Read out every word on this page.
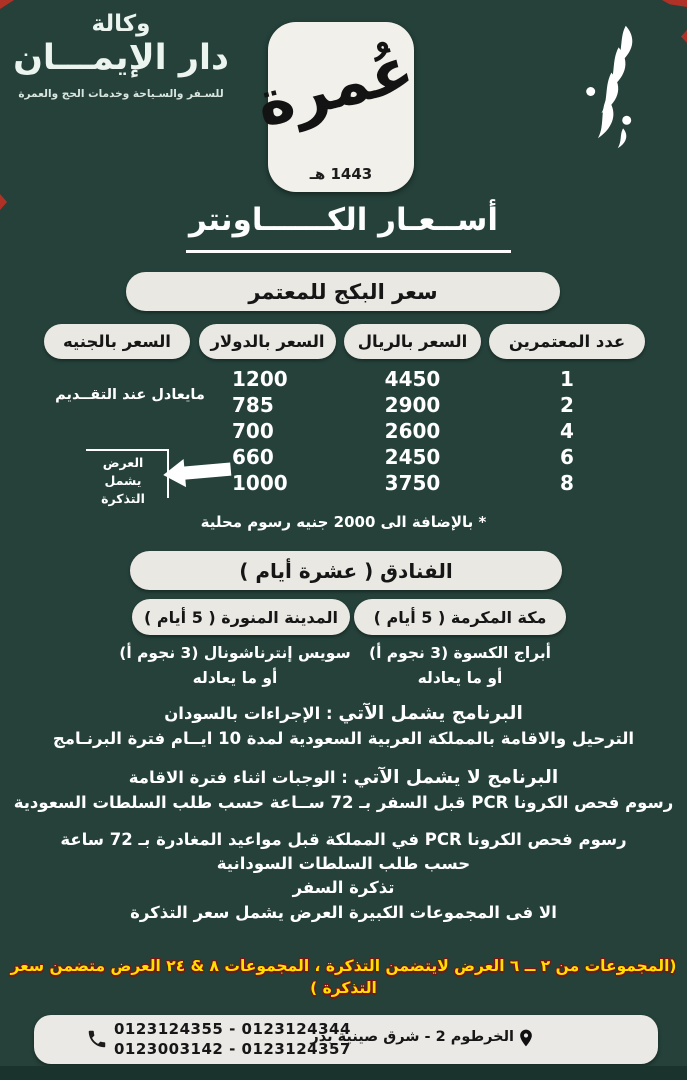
وكالة
دار الإيمـــان
للسـفر والسـياحة وخدمات الحج والعمرة عُمرة
1443 هـ
أســعـار الكــــــاونتر
سعر البكج للمعتمر
عدد المعتمرين
السعر بالريال
السعر بالدولار
السعر بالجنيه
1
2
4
6
8
4450
2900
2600
2450
3750
1200
785
700
660
1000
مايعادل عند التقــديم
العرض يشمل
التذكرة
* بالإضافة الى 2000 جنيه رسوم محلية
الفنادق ( عشرة أيام )
مكة المكرمة ( 5 أيام )
المدينة المنورة ( 5 أيام )
أبراج الكسوة (3 نجوم أ)
أو ما يعادله
سويس إنترناشونال (3 نجوم أ)
أو ما يعادله
البرنامج يشمل الآتي : الإجراءات بالسودان
الترحيل والاقامة بالمملكة العربية السعودية لمدة 10 ايــام فترة البرنـامج
البرنامج لا يشمل الآتي : الوجبات اثناء فترة الاقامة
رسوم فحص الكرونا PCR قبل السفر بـ 72 ســاعة حسب طلب السلطات السعودية
رسوم فحص الكرونا PCR في المملكة قبل مواعيد المغادرة بـ 72 ساعة
حسب طلب السلطات السودانية
تذكرة السفر
الا فى المجموعات الكبيرة العرض يشمل سعر التذكرة
(المجموعات من ٢ ــ ٦ العرض لايتضمن التذكرة ، المجموعات ٨ & ٢٤ العرض متضمن سعر التذكرة )
0123124355 - 0123124344
0123003142 - 0123124357
الخرطوم 2 - شرق صينية بدر
